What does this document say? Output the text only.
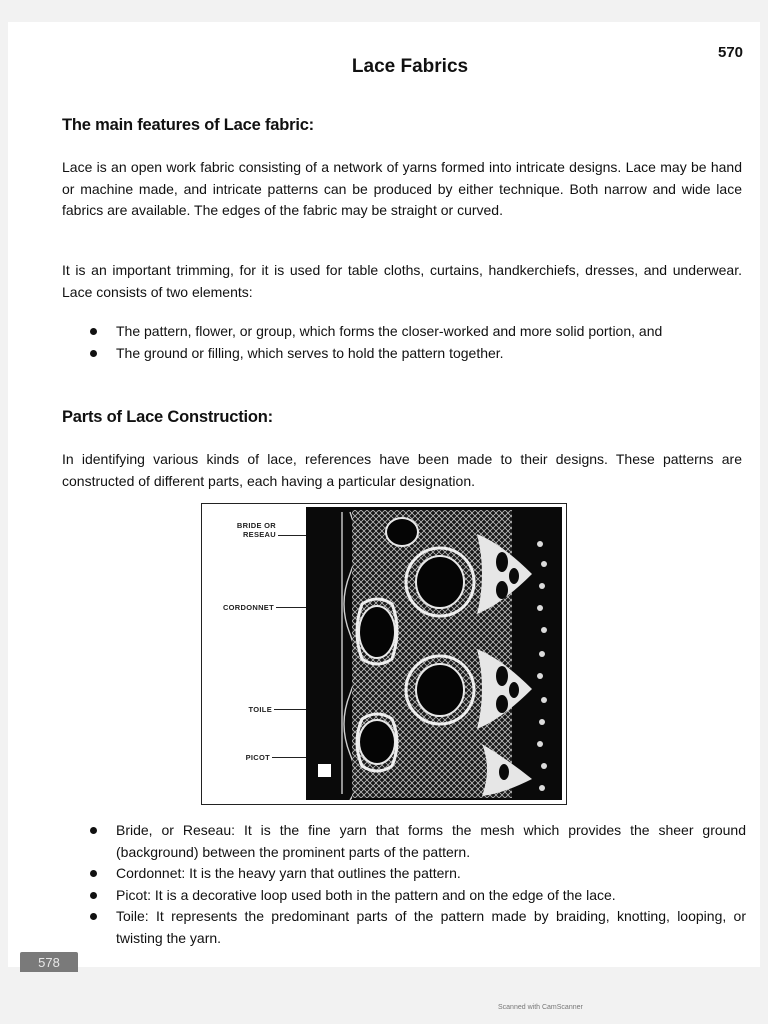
570
Lace Fabrics
The main features of Lace fabric:
Lace is an open work fabric consisting of a network of yarns formed into intricate designs. Lace may be hand or machine made, and intricate patterns can be produced by either technique. Both narrow and wide lace fabrics are available. The edges of the fabric may be straight or curved.
It is an important trimming, for it is used for table cloths, curtains, handkerchiefs, dresses, and underwear. Lace consists of two elements:
The pattern, flower, or group, which forms the closer-worked and more solid portion, and
The ground or filling, which serves to hold the pattern together.
Parts of Lace Construction:
In identifying various kinds of lace, references have been made to their designs. These patterns are constructed of different parts, each having a particular designation.
BRIDE OR
RESEAU
CORDONNET
TOILE
PICOT
Bride, or Reseau: It is the fine yarn that forms the mesh which provides the sheer ground (background) between the prominent parts of the pattern.
Cordonnet: It is the heavy yarn that outlines the pattern.
Picot: It is a decorative loop used both in the pattern and on the edge of the lace.
Toile: It represents the predominant parts of the pattern made by braiding, knotting, looping, or twisting the yarn.
578
Scanned with CamScanner
